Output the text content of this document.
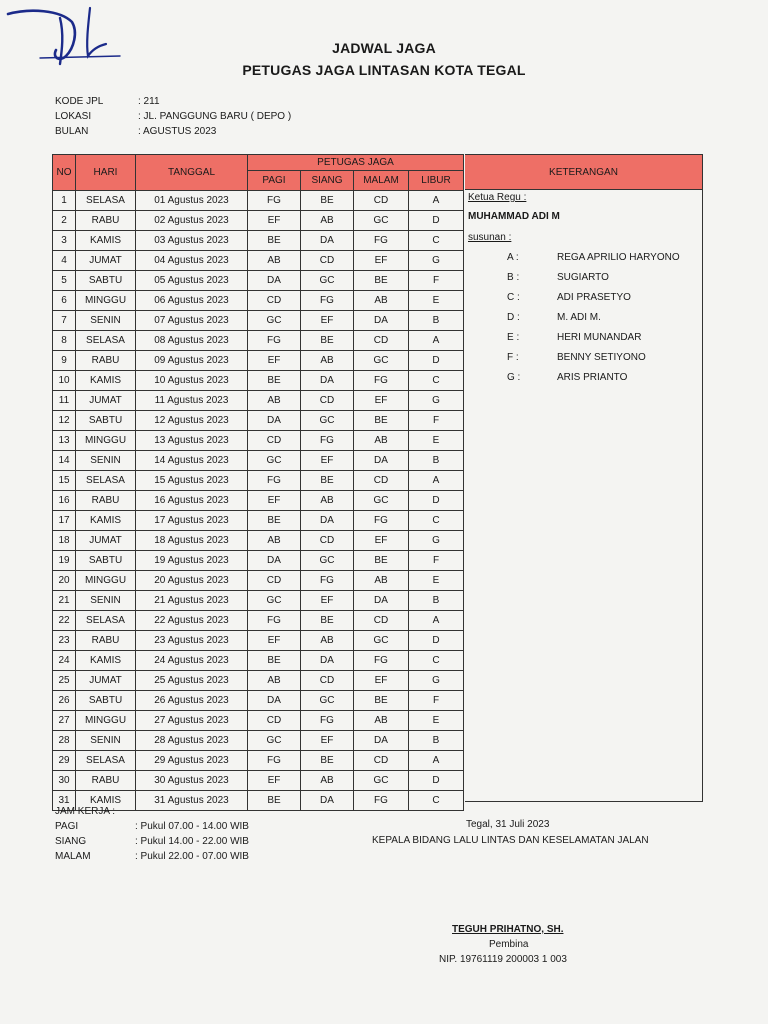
JADWAL JAGA
PETUGAS JAGA LINTASAN KOTA TEGAL
KODE JPL	: 211
LOKASI	: JL. PANGGUNG BARU ( DEPO )
BULAN	: AGUSTUS 2023
NO	HARI	TANGGAL	PETUGAS JAGA			
			PAGI	SIANG	MALAM	LIBUR
1	SELASA	01 Agustus 2023	FG	BE	CD	A
2	RABU	02 Agustus 2023	EF	AB	GC	D
3	KAMIS	03 Agustus 2023	BE	DA	FG	C
4	JUMAT	04 Agustus 2023	AB	CD	EF	G
5	SABTU	05 Agustus 2023	DA	GC	BE	F
6	MINGGU	06 Agustus 2023	CD	FG	AB	E
7	SENIN	07 Agustus 2023	GC	EF	DA	B
8	SELASA	08 Agustus 2023	FG	BE	CD	A
9	RABU	09 Agustus 2023	EF	AB	GC	D
10	KAMIS	10 Agustus 2023	BE	DA	FG	C
11	JUMAT	11 Agustus 2023	AB	CD	EF	G
12	SABTU	12 Agustus 2023	DA	GC	BE	F
13	MINGGU	13 Agustus 2023	CD	FG	AB	E
14	SENIN	14 Agustus 2023	GC	EF	DA	B
15	SELASA	15 Agustus 2023	FG	BE	CD	A
16	RABU	16 Agustus 2023	EF	AB	GC	D
17	KAMIS	17 Agustus 2023	BE	DA	FG	C
18	JUMAT	18 Agustus 2023	AB	CD	EF	G
19	SABTU	19 Agustus 2023	DA	GC	BE	F
20	MINGGU	20 Agustus 2023	CD	FG	AB	E
21	SENIN	21 Agustus 2023	GC	EF	DA	B
22	SELASA	22 Agustus 2023	FG	BE	CD	A
23	RABU	23 Agustus 2023	EF	AB	GC	D
24	KAMIS	24 Agustus 2023	BE	DA	FG	C
25	JUMAT	25 Agustus 2023	AB	CD	EF	G
26	SABTU	26 Agustus 2023	DA	GC	BE	F
27	MINGGU	27 Agustus 2023	CD	FG	AB	E
28	SENIN	28 Agustus 2023	GC	EF	DA	B
29	SELASA	29 Agustus 2023	FG	BE	CD	A
30	RABU	30 Agustus 2023	EF	AB	GC	D
31	KAMIS	31 Agustus 2023	BE	DA	FG	C
KETERANGAN
Ketua Regu :
MUHAMMAD ADI M
susunan :
A :	REGA APRILIO HARYONO
B :	SUGIARTO
C :	ADI PRASETYO
D :	M. ADI M.
E :	HERI MUNANDAR
F :	BENNY SETIYONO
G :	ARIS PRIANTO
JAM KERJA :
PAGI	: Pukul 07.00 - 14.00 WIB
SIANG	: Pukul 14.00 - 22.00 WIB
MALAM	: Pukul 22.00 - 07.00 WIB
Tegal, 31 Juli 2023
KEPALA BIDANG LALU LINTAS DAN KESELAMATAN JALAN
TEGUH PRIHATNO, SH.
Pembina
NIP. 19761119 200003 1 003
